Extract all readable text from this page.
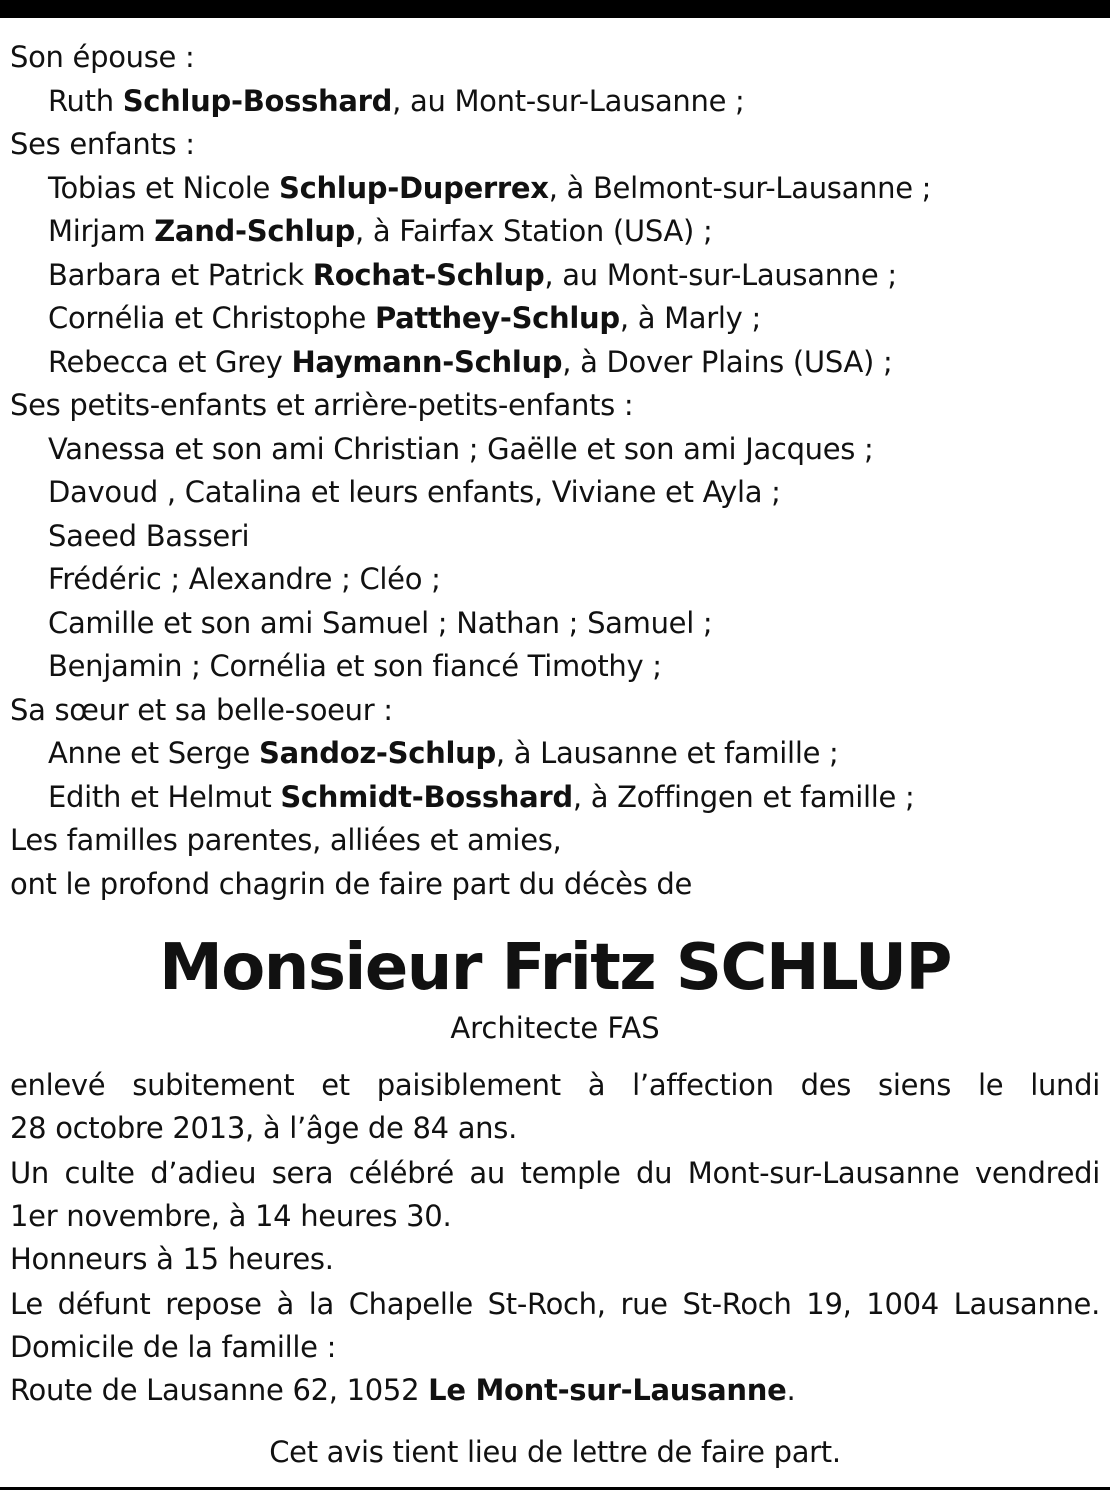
Son épouse :
Ruth Schlup-Bosshard, au Mont-sur-Lausanne ;
Ses enfants :
Tobias et Nicole Schlup-Duperrex, à Belmont-sur-Lausanne ;
Mirjam Zand-Schlup, à Fairfax Station (USA) ;
Barbara et Patrick Rochat-Schlup, au Mont-sur-Lausanne ;
Cornélia et Christophe Patthey-Schlup, à Marly ;
Rebecca et Grey Haymann-Schlup, à Dover Plains (USA) ;
Ses petits-enfants et arrière-petits-enfants :
Vanessa et son ami Christian ; Gaëlle et son ami Jacques ;
Davoud , Catalina et leurs enfants, Viviane et Ayla ;
Saeed Basseri
Frédéric ; Alexandre ; Cléo ;
Camille et son ami Samuel ; Nathan ; Samuel ;
Benjamin ; Cornélia et son fiancé Timothy ;
Sa sœur et sa belle-soeur :
Anne et Serge Sandoz-Schlup, à Lausanne et famille ;
Edith et Helmut Schmidt-Bosshard, à Zoffingen et famille ;
Les familles parentes, alliées et amies,
ont le profond chagrin de faire part du décès de
Monsieur Fritz SCHLUP
Architecte FAS
enlevé subitement et paisiblement à l’affection des siens le lundi
28 octobre 2013, à l’âge de 84 ans.
Un culte d’adieu sera célébré au temple du Mont-sur-Lausanne vendredi
1er novembre, à 14 heures 30.
Honneurs à 15 heures.
Le défunt repose à la Chapelle St-Roch, rue St-Roch 19, 1004 Lausanne.
Domicile de la famille :
Route de Lausanne 62, 1052 Le Mont-sur-Lausanne.
Cet avis tient lieu de lettre de faire part.
